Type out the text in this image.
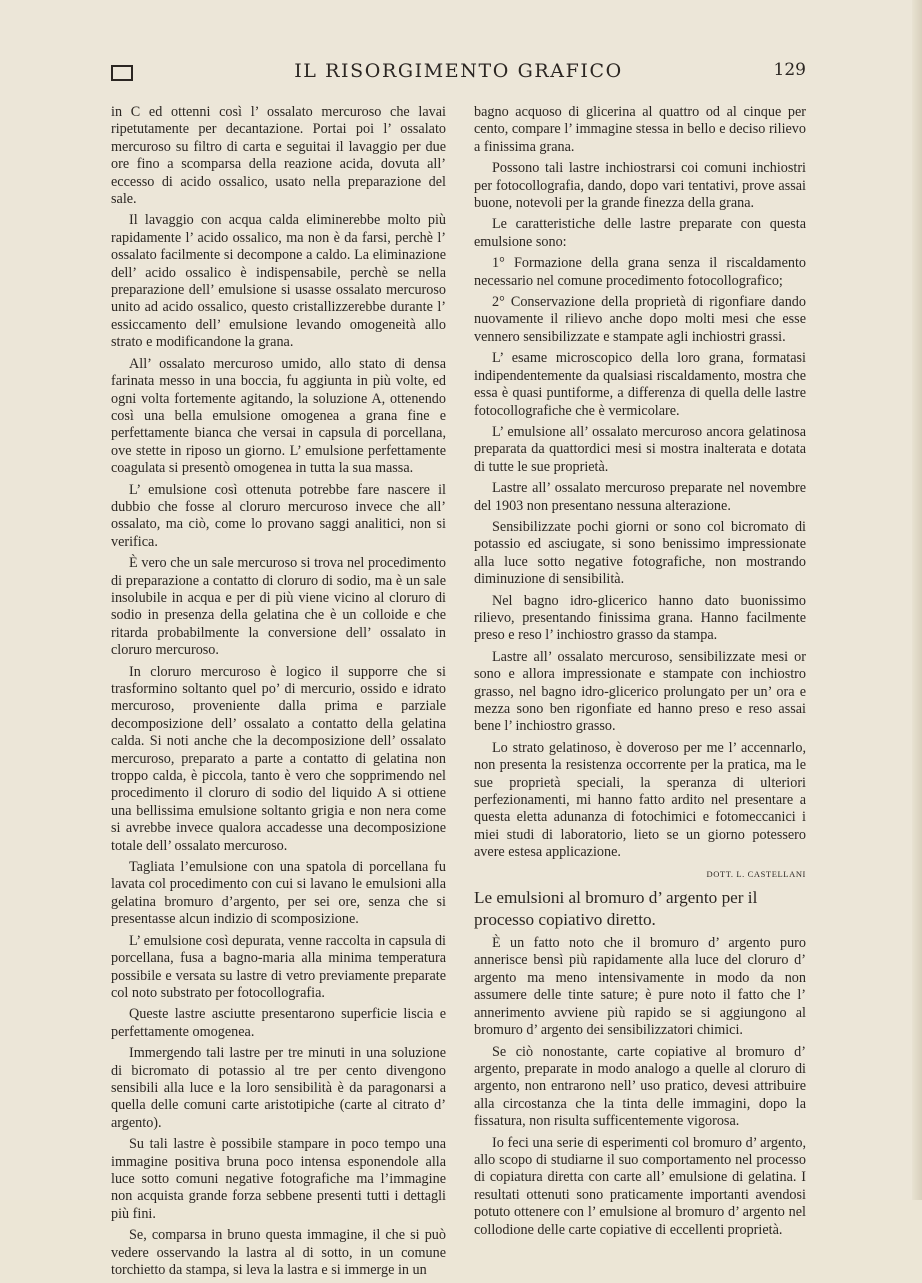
IL RISORGIMENTO GRAFICO	129

in C ed ottenni così l’ ossalato mercuroso che lavai ripetutamente per decantazione. Portai poi l’ ossalato mercuroso su filtro di carta e seguitai il lavaggio per due ore fino a scomparsa della reazione acida, dovuta all’ eccesso di acido ossalico, usato nella preparazione del sale.

Il lavaggio con acqua calda eliminerebbe molto più rapidamente l’ acido ossalico, ma non è da farsi, perchè l’ ossalato facilmente si decompone a caldo. La eliminazione dell’ acido ossalico è indispensabile, perchè se nella preparazione dell’ emulsione si usasse ossalato mercuroso unito ad acido ossalico, questo cristallizzerebbe durante l’ essiccamento dell’ emulsione levando omogeneità allo strato e modificandone la grana.

All’ ossalato mercuroso umido, allo stato di densa farinata messo in una boccia, fu aggiunta in più volte, ed ogni volta fortemente agitando, la soluzione A, ottenendo così una bella emulsione omogenea a grana fine e perfettamente bianca che versai in capsula di porcellana, ove stette in riposo un giorno. L’ emulsione perfettamente coagulata si presentò omogenea in tutta la sua massa.

L’ emulsione così ottenuta potrebbe fare nascere il dubbio che fosse al cloruro mercuroso invece che all’ ossalato, ma ciò, come lo provano saggi analitici, non si verifica.

È vero che un sale mercuroso si trova nel procedimento di preparazione a contatto di cloruro di sodio, ma è un sale insolubile in acqua e per di più viene vicino al cloruro di sodio in presenza della gelatina che è un colloide e che ritarda probabilmente la conversione dell’ ossalato in cloruro mercuroso.

In cloruro mercuroso è logico il supporre che si trasformino soltanto quel po’ di mercurio, ossido e idrato mercuroso, proveniente dalla prima e parziale decomposizione dell’ ossalato a contatto della gelatina calda. Si noti anche che la decomposizione dell’ ossalato mercuroso, preparato a parte a contatto di gelatina non troppo calda, è piccola, tanto è vero che sopprimendo nel procedimento il cloruro di sodio del liquido A si ottiene una bellissima emulsione soltanto grigia e non nera come si avrebbe invece qualora accadesse una decomposizione totale dell’ ossalato mercuroso.

Tagliata l’emulsione con una spatola di porcellana fu lavata col procedimento con cui si lavano le emulsioni alla gelatina bromuro d’argento, per sei ore, senza che si presentasse alcun indizio di scomposizione.

L’ emulsione così depurata, venne raccolta in capsula di porcellana, fusa a bagno-maria alla minima temperatura possibile e versata su lastre di vetro previamente preparate col noto substrato per fotocollografia.

Queste lastre asciutte presentarono superficie liscia e perfettamente omogenea.

Immergendo tali lastre per tre minuti in una soluzione di bicromato di potassio al tre per cento divengono sensibili alla luce e la loro sensibilità è da paragonarsi a quella delle comuni carte aristotipiche (carte al citrato d’ argento).

Su tali lastre è possibile stampare in poco tempo una immagine positiva bruna poco intensa esponendole alla luce sotto comuni negative fotografiche ma l’immagine non acquista grande forza sebbene presenti tutti i dettagli più fini.

Se, comparsa in bruno questa immagine, il che si può vedere osservando la lastra al di sotto, in un comune torchietto da stampa, si leva la lastra e si immerge in un

bagno acquoso di glicerina al quattro od al cinque per cento, compare l’ immagine stessa in bello e deciso rilievo a finissima grana.

Possono tali lastre inchiostrarsi coi comuni inchiostri per fotocollografia, dando, dopo vari tentativi, prove assai buone, notevoli per la grande finezza della grana.

Le caratteristiche delle lastre preparate con questa emulsione sono:

1° Formazione della grana senza il riscaldamento necessario nel comune procedimento fotocollografico;

2° Conservazione della proprietà di rigonfiare dando nuovamente il rilievo anche dopo molti mesi che esse vennero sensibilizzate e stampate agli inchiostri grassi.

L’ esame microscopico della loro grana, formatasi indipendentemente da qualsiasi riscaldamento, mostra che essa è quasi puntiforme, a differenza di quella delle lastre fotocollografiche che è vermicolare.

L’ emulsione all’ ossalato mercuroso ancora gelatinosa preparata da quattordici mesi si mostra inalterata e dotata di tutte le sue proprietà.

Lastre all’ ossalato mercuroso preparate nel novembre del 1903 non presentano nessuna alterazione.

Sensibilizzate pochi giorni or sono col bicromato di potassio ed asciugate, si sono benissimo impressionate alla luce sotto negative fotografiche, non mostrando diminuzione di sensibilità.

Nel bagno idro-glicerico hanno dato buonissimo rilievo, presentando finissima grana. Hanno facilmente preso e reso l’ inchiostro grasso da stampa.

Lastre all’ ossalato mercuroso, sensibilizzate mesi or sono e allora impressionate e stampate con inchiostro grasso, nel bagno idro-glicerico prolungato per un’ ora e mezza sono ben rigonfiate ed hanno preso e reso assai bene l’ inchiostro grasso.

Lo strato gelatinoso, è doveroso per me l’ accennarlo, non presenta la resistenza occorrente per la pratica, ma le sue proprietà speciali, la speranza di ulteriori perfezionamenti, mi hanno fatto ardito nel presentare a questa eletta adunanza di fotochimici e fotomeccanici i miei studi di laboratorio, lieto se un giorno potessero avere estesa applicazione.

DOTT. L. CASTELLANI

Le emulsioni al bromuro d’ argento per il processo copiativo diretto.

È un fatto noto che il bromuro d’ argento puro annerisce bensì più rapidamente alla luce del cloruro d’ argento ma meno intensivamente in modo da non assumere delle tinte sature; è pure noto il fatto che l’ annerimento avviene più rapido se si aggiungono al bromuro d’ argento dei sensibilizzatori chimici.

Se ciò nonostante, carte copiative al bromuro d’ argento, preparate in modo analogo a quelle al cloruro di argento, non entrarono nell’ uso pratico, devesi attribuire alla circostanza che la tinta delle immagini, dopo la fissatura, non risulta sufficentemente vigorosa.

Io feci una serie di esperimenti col bromuro d’ argento, allo scopo di studiarne il suo comportamento nel processo di copiatura diretta con carte all’ emulsione di gelatina. I resultati ottenuti sono praticamente importanti avendosi potuto ottenere con l’ emulsione al bromuro d’ argento nel collodione delle carte copiative di eccellenti proprietà.
